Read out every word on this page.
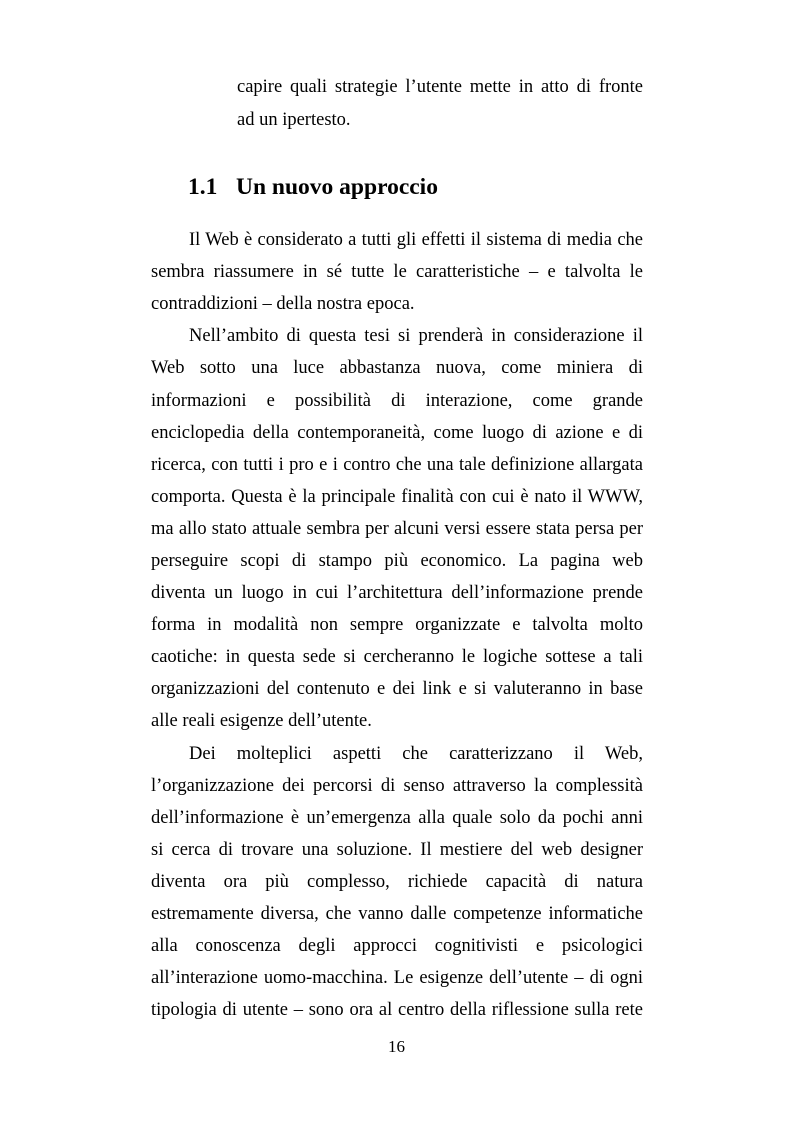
capire quali strategie l’utente mette in atto di fronte
ad un ipertesto.
1.1 Un nuovo approccio
Il Web è considerato a tutti gli effetti il sistema di media che
sembra riassumere in sé tutte le caratteristiche – e talvolta le
contraddizioni – della nostra epoca.
Nell’ambito di questa tesi si prenderà in considerazione il
Web sotto una luce abbastanza nuova, come miniera di
informazioni e possibilità di interazione, come grande
enciclopedia della contemporaneità, come luogo di azione e di
ricerca, con tutti i pro e i contro che una tale definizione allargata
comporta. Questa è la principale finalità con cui è nato il WWW,
ma allo stato attuale sembra per alcuni versi essere stata persa per
perseguire scopi di stampo più economico. La pagina web
diventa un luogo in cui l’architettura dell’informazione prende
forma in modalità non sempre organizzate e talvolta molto
caotiche: in questa sede si cercheranno le logiche sottese a tali
organizzazioni del contenuto e dei link e si valuteranno in base
alle reali esigenze dell’utente.
Dei molteplici aspetti che caratterizzano il Web,
l’organizzazione dei percorsi di senso attraverso la complessità
dell’informazione è un’emergenza alla quale solo da pochi anni
si cerca di trovare una soluzione. Il mestiere del web designer
diventa ora più complesso, richiede capacità di natura
estremamente diversa, che vanno dalle competenze informatiche
alla conoscenza degli approcci cognitivisti e psicologici
all’interazione uomo-macchina. Le esigenze dell’utente – di ogni
tipologia di utente – sono ora al centro della riflessione sulla rete
16
